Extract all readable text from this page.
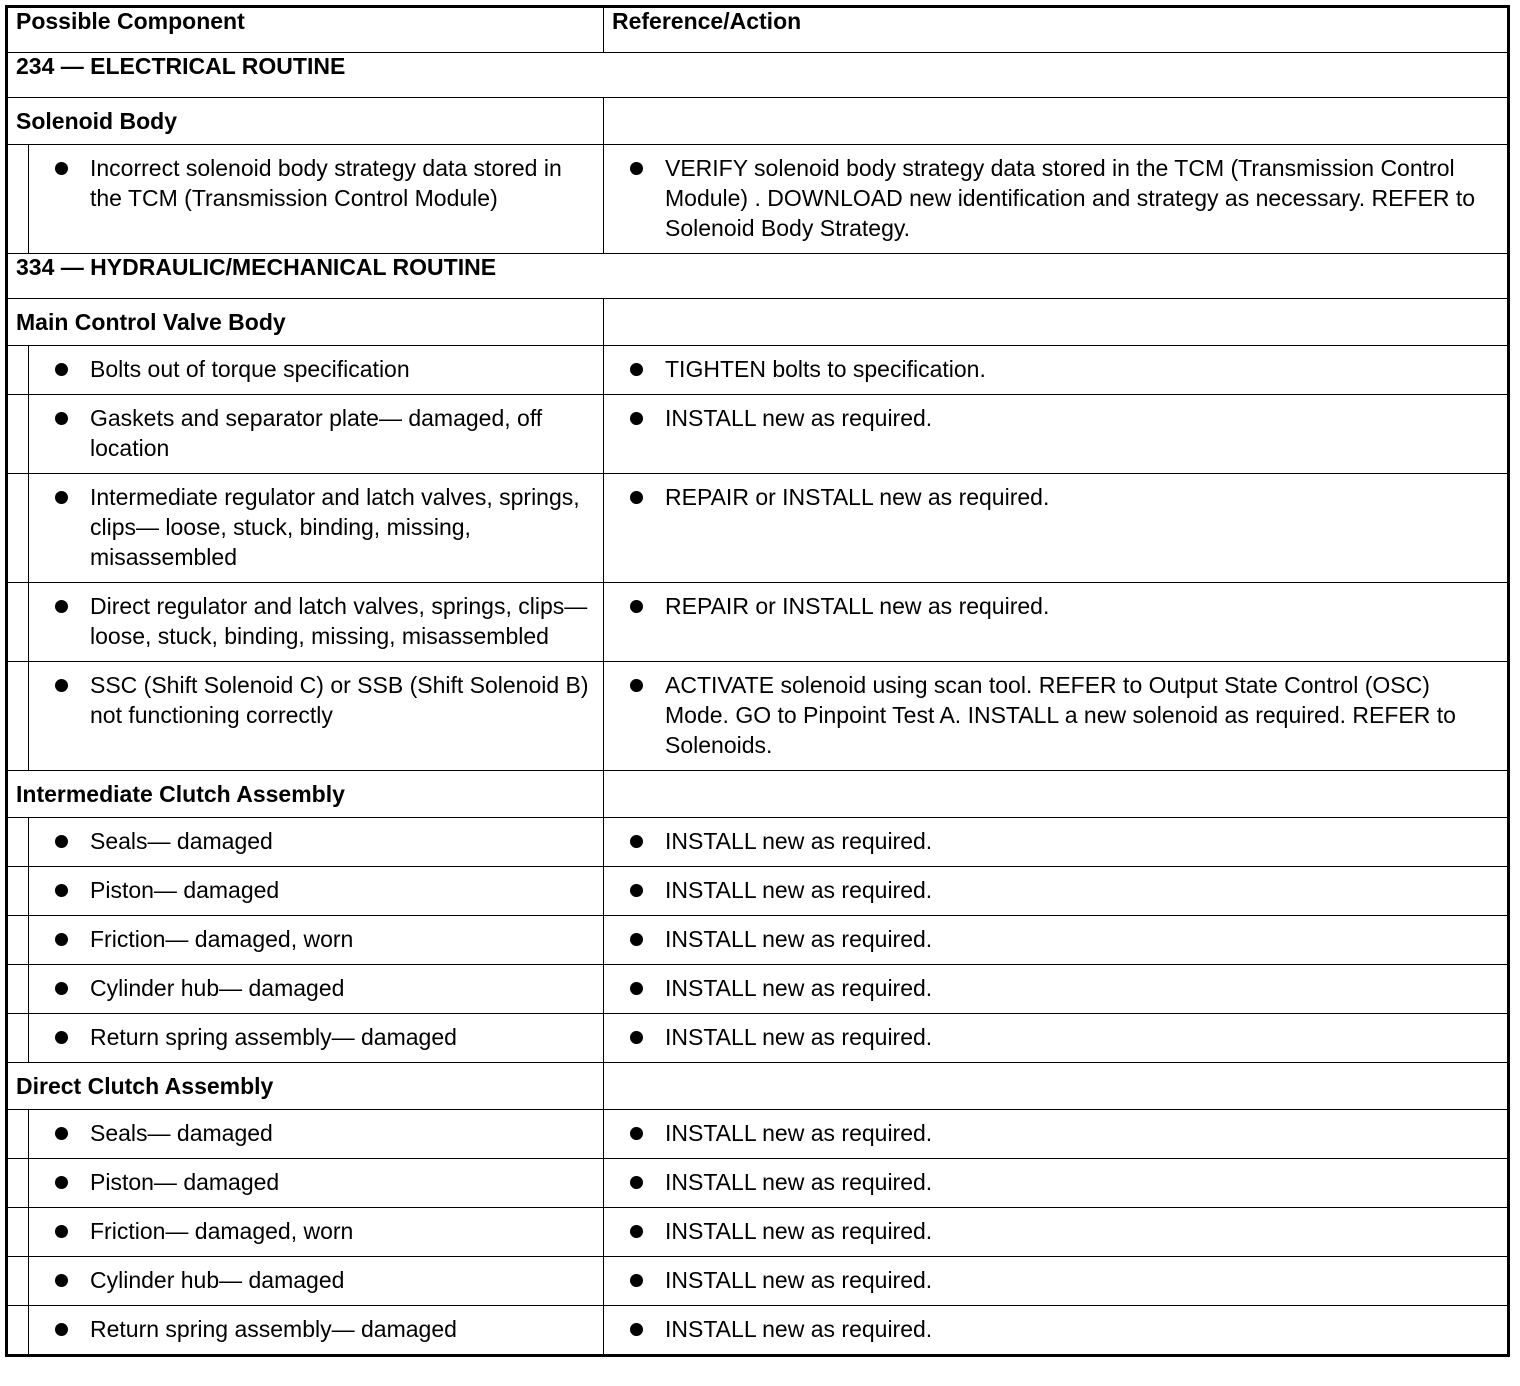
Possible Component		Reference/Action
234 — ELECTRICAL ROUTINE		
Solenoid Body		

	Incorrect solenoid body strategy data stored in the TCM (Transmission Control Module)	VERIFY solenoid body strategy data stored in the TCM (Transmission Control Module) . DOWNLOAD new identification and strategy as necessary. REFER to Solenoid Body Strategy.

334 — HYDRAULIC/MECHANICAL ROUTINE		
Main Control Valve Body		

	Bolts out of torque specification	TIGHTEN bolts to specification.

	Gaskets and separator plate— damaged, off location	INSTALL new as required.

	Intermediate regulator and latch valves, springs, clips— loose, stuck, binding, missing, misassembled	REPAIR or INSTALL new as required.

	Direct regulator and latch valves, springs, clips— loose, stuck, binding, missing, misassembled	REPAIR or INSTALL new as required.

	SSC (Shift Solenoid C) or SSB (Shift Solenoid B) not functioning correctly	ACTIVATE solenoid using scan tool. REFER to Output State Control (OSC) Mode. GO to Pinpoint Test A. INSTALL a new solenoid as required. REFER to Solenoids.

Intermediate Clutch Assembly		

	Seals— damaged	INSTALL new as required.

	Piston— damaged	INSTALL new as required.

	Friction— damaged, worn	INSTALL new as required.

	Cylinder hub— damaged	INSTALL new as required.

	Return spring assembly— damaged	INSTALL new as required.

Direct Clutch Assembly		

	Seals— damaged	INSTALL new as required.

	Piston— damaged	INSTALL new as required.

	Friction— damaged, worn	INSTALL new as required.

	Cylinder hub— damaged	INSTALL new as required.

	Return spring assembly— damaged	INSTALL new as required.
